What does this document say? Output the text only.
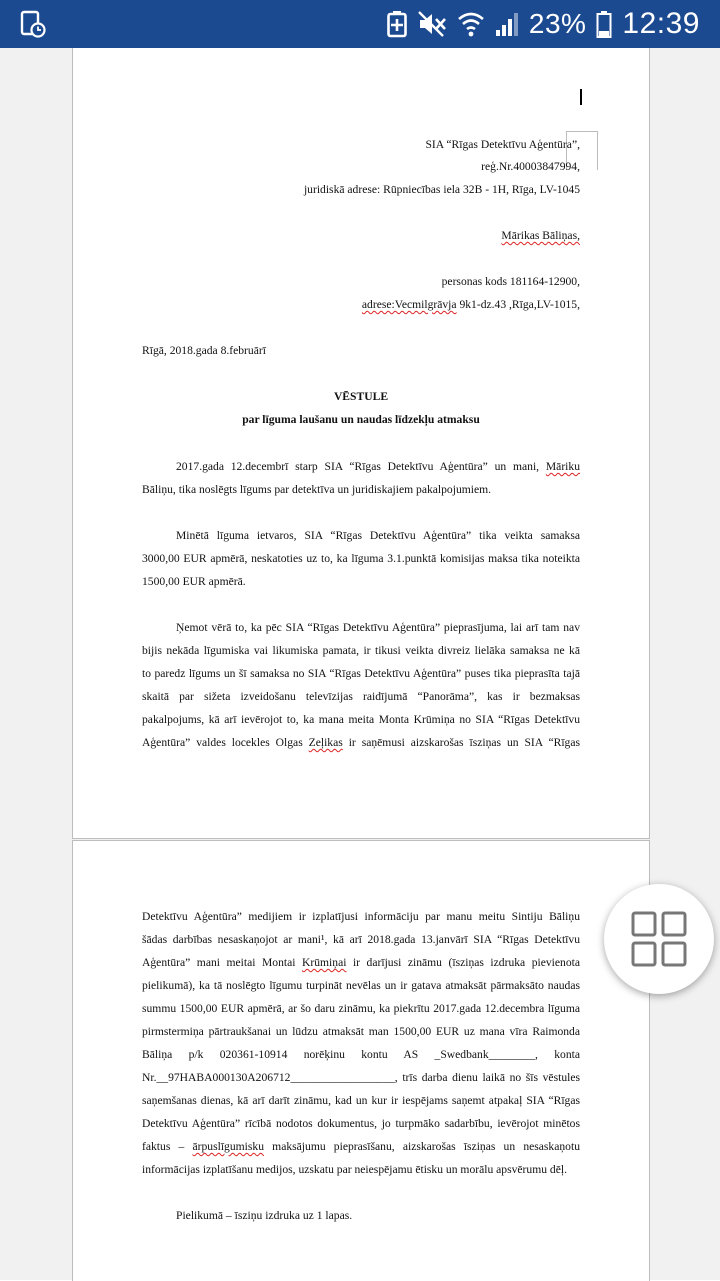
23% 12:39
SIA “Rīgas Detektīvu Aģentūra”,
reģ.Nr.40003847994,
juridiskā adrese: Rūpniecības iela 32B - 1H, Rīga, LV-1045
Mārikas Bāliņas,
personas kods 181164-12900,
adrese:Vecmilgrāvja 9k1-dz.43 ,Rīga,LV-1015,
Rīgā, 2018.gada 8.februārī
VĒSTULE
par līguma laušanu un naudas līdzekļu atmaksu
2017.gada 12.decembrī starp SIA “Rīgas Detektīvu Aģentūra” un mani, Māriku
Bāliņu, tika noslēgts līgums par detektīva un juridiskajiem pakalpojumiem.
Minētā līguma ietvaros, SIA “Rīgas Detektīvu Aģentūra” tika veikta samaksa
3000,00 EUR apmērā, neskatoties uz to, ka līguma 3.1.punktā komisijas maksa tika noteikta
1500,00 EUR apmērā.
Ņemot vērā to, ka pēc SIA “Rīgas Detektīvu Aģentūra” pieprasījuma, lai arī tam nav
bijis nekāda līgumiska vai likumiska pamata, ir tikusi veikta divreiz lielāka samaksa ne kā
to paredz līgums un šī samaksa no SIA “Rīgas Detektīvu Aģentūra” puses tika pieprasīta tajā
skaitā par sižeta izveidošanu televīzijas raidījumā “Panorāma”, kas ir bezmaksas
pakalpojums, kā arī ievērojot to, ka mana meita Monta Krūmiņa no SIA “Rīgas Detektīvu
Aģentūra” valdes locekles Olgas Zeļikas ir saņēmusi aizskarošas īsziņas un SIA “Rīgas
Detektīvu Aģentūra” medijiem ir izplatījusi informāciju par manu meitu Sintiju Bāliņu
šādas darbības nesaskaņojot ar mani¹, kā arī 2018.gada 13.janvārī SIA “Rīgas Detektīvu
Aģentūra” mani meitai Montai Krūmiņai ir darījusi zināmu (īsziņas izdruka pievienota
pielikumā), ka tā noslēgto līgumu turpināt nevēlas un ir gatava atmaksāt pārmaksāto naudas
summu 1500,00 EUR apmērā, ar šo daru zināmu, ka piekrītu 2017.gada 12.decembra līguma
pirmstermiņa pārtraukšanai un lūdzu atmaksāt man 1500,00 EUR uz mana vīra Raimonda
Bāliņa p/k 020361-10914 norēķinu kontu AS _Swedbank________, konta
Nr.__97HABA000130A206712__________________, trīs darba dienu laikā no šīs vēstules
saņemšanas dienas, kā arī darīt zināmu, kad un kur ir iespējams saņemt atpakaļ SIA “Rīgas
Detektīvu Aģentūra” rīcībā nodotos dokumentus, jo turpmāko sadarbību, ievērojot minētos
faktus – ārpuslīgumisku maksājumu pieprasīšanu, aizskarošas īsziņas un nesaskaņotu
informācijas izplatīšanu medijos, uzskatu par neiespējamu ētisku un morālu apsvērumu dēļ.
Pielikumā – īsziņu izdruka uz 1 lapas.
